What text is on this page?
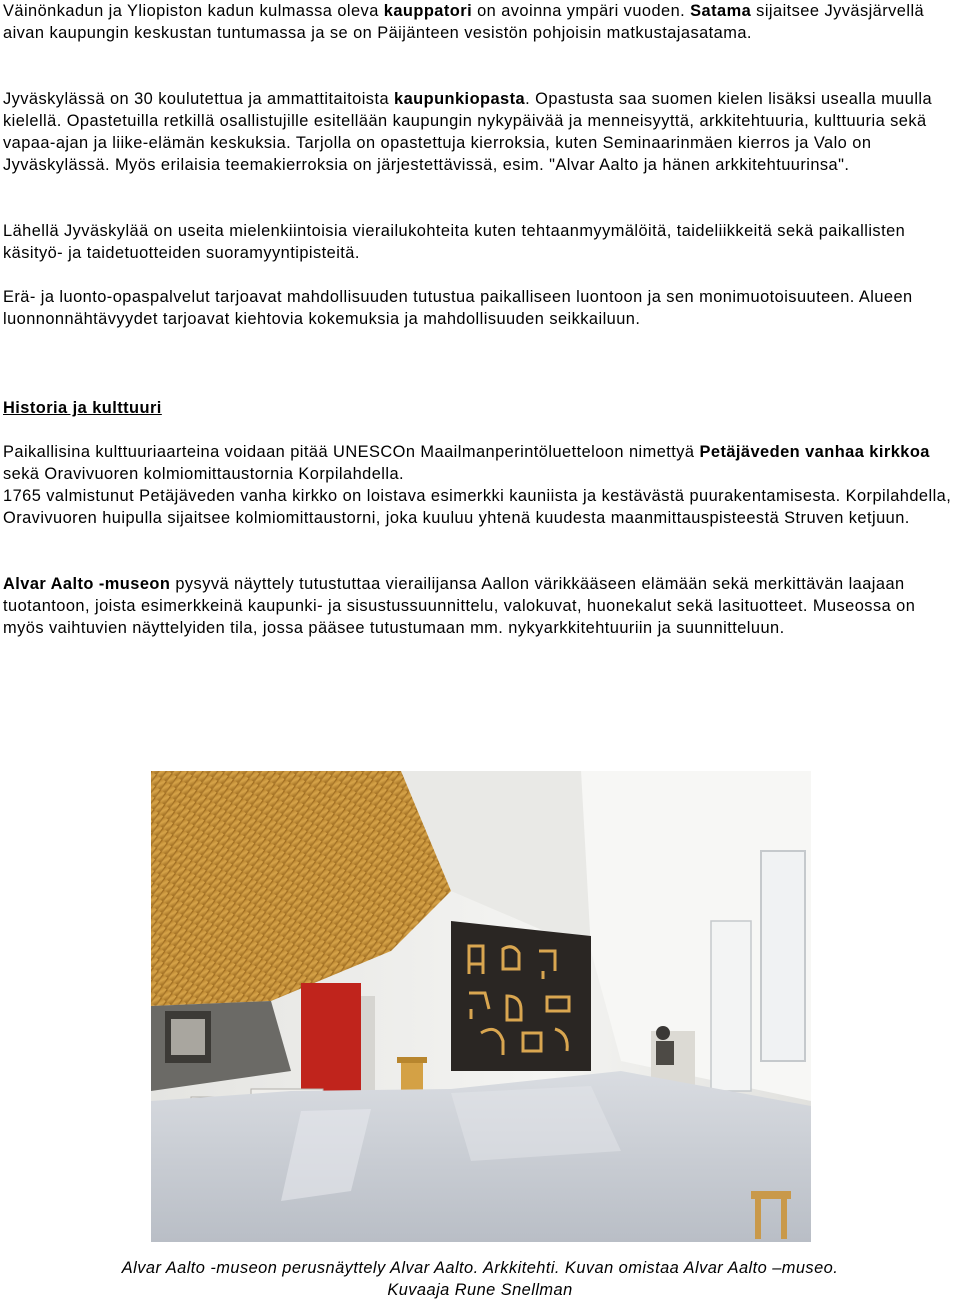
Väinönkadun ja Yliopiston kadun kulmassa oleva kauppatori on avoinna ympäri vuoden. Satama sijaitsee Jyväsjärvellä aivan kaupungin keskustan tuntumassa ja se on Päijänteen vesistön pohjoisin matkustajasatama.

Jyväskylässä on 30 koulutettua ja ammattitaitoista kaupunkiopasta. Opastusta saa suomen kielen lisäksi usealla muulla kielellä. Opastetuilla retkillä osallistujille esitellään kaupungin nykypäivää ja menneisyyttä, arkkitehtuuria, kulttuuria sekä vapaa-ajan ja liike-elämän keskuksia. Tarjolla on opastettuja kierroksia, kuten Seminaarinmäen kierros ja Valo on Jyväskylässä. Myös erilaisia teemakierroksia on järjestettävissä, esim. "Alvar Aalto ja hänen arkkitehtuurinsa".

Lähellä Jyväskylää on useita mielenkiintoisia vierailukohteita kuten tehtaanmyymälöitä, taideliikkeitä sekä paikallisten käsityö- ja taidetuotteiden suoramyyntipisteitä.

Erä- ja luonto-opaspalvelut tarjoavat mahdollisuuden tutustua paikalliseen luontoon ja sen monimuotoisuuteen. Alueen luonnonnähtävyydet tarjoavat kiehtovia kokemuksia ja mahdollisuuden seikkailuun.

Historia ja kulttuuri

Paikallisina kulttuuriaarteina voidaan pitää UNESCOn Maailmanperintöluetteloon nimettyä Petäjäveden vanhaa kirkkoa sekä Oravivuoren kolmiomittaustornia Korpilahdella.

1765 valmistunut Petäjäveden vanha kirkko on loistava esimerkki kauniista ja kestävästä puurakentamisesta. Korpilahdella, Oravivuoren huipulla sijaitsee kolmiomittaustorni, joka kuuluu yhtenä kuudesta maanmittauspisteestä Struven ketjuun.

Alvar Aalto -museon pysyvä näyttely tutustuttaa vierailijansa Aallon värikkääseen elämään sekä merkittävän laajaan tuotantoon, joista esimerkkeinä kaupunki- ja sisustussuunnittelu, valokuvat, huonekalut sekä lasituotteet. Museossa on myös vaihtuvien näyttelyiden tila, jossa pääsee tutustumaan mm. nykyarkkitehtuuriin ja suunnitteluun.

Alvar Aalto -museon perusnäyttely Alvar Aalto. Arkkitehti. Kuvan omistaa Alvar Aalto –museo.
Kuvaaja Rune Snellman
